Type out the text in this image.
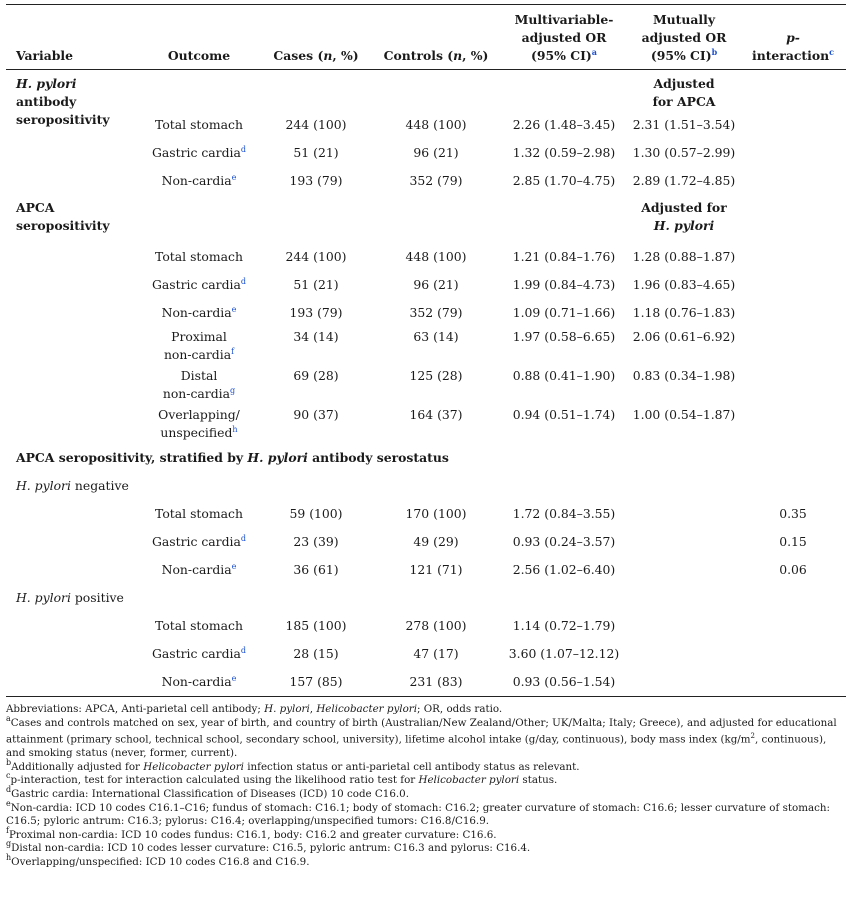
Variable	Outcome	Cases (n, %)	Controls (n, %)	Multivariable-
adjusted OR
(95% CI)$^a$	Mutually
adjusted OR
(95% CI)$^b$	p-
interaction$^c$

H. pylori
antibody seropositivity					Adjusted
for APCA	
	Total stomach	244 (100)	448 (100)	2.26 (1.48–3.45)	2.31 (1.51–3.54)	
	Gastric cardia$^d$	51 (21)	96 (21)	1.32 (0.59–2.98)	1.30 (0.57–2.99)	
	Non-cardia$^e$	193 (79)	352 (79)	2.85 (1.70–4.75)	2.89 (1.72–4.85)	
APCA seropositivity					Adjusted for
H. pylori	
	Total stomach	244 (100)	448 (100)	1.21 (0.84–1.76)	1.28 (0.88–1.87)	
	Gastric cardia$^d$	51 (21)	96 (21)	1.99 (0.84–4.73)	1.96 (0.83–4.65)	
	Non-cardia$^e$	193 (79)	352 (79)	1.09 (0.71–1.66)	1.18 (0.76–1.83)	
	Proximal
non-cardia$^f$	34 (14)	63 (14)	1.97 (0.58–6.65)	2.06 (0.61–6.92)	
	Distal
non-cardia$^g$	69 (28)	125 (28)	0.88 (0.41–1.90)	0.83 (0.34–1.98)	
	Overlapping/
unspecified$^h$	90 (37)	164 (37)	0.94 (0.51–1.74)	1.00 (0.54–1.87)	
APCA seropositivity, stratified by H. pylori antibody serostatus						
H. pylori negative						
	Total stomach	59 (100)	170 (100)	1.72 (0.84–3.55)		0.35
	Gastric cardia$^d$	23 (39)	49 (29)	0.93 (0.24–3.57)		0.15
	Non-cardia$^e$	36 (61)	121 (71)	2.56 (1.02–6.40)		0.06
H. pylori positive						
	Total stomach	185 (100)	278 (100)	1.14 (0.72–1.79)		
	Gastric cardia$^d$	28 (15)	47 (17)	3.60 (1.07–12.12)		
	Non-cardia$^e$	157 (85)	231 (83)	0.93 (0.56–1.54)		

Abbreviations: APCA, Anti-parietal cell antibody; H. pylori, Helicobacter pylori; OR, odds ratio.

$^a$Cases and controls matched on sex, year of birth, and country of birth (Australian/New Zealand/Other; UK/Malta; Italy; Greece), and adjusted for educational attainment (primary school, technical school, secondary school, university), lifetime alcohol intake (g/day, continuous), body mass index ($kg/m^2$, continuous), and smoking status (never, former, current).

$^b$Additionally adjusted for Helicobacter pylori infection status or anti-parietal cell antibody status as relevant.

$^c$p-interaction, test for interaction calculated using the likelihood ratio test for Helicobacter pylori status.

$^d$Gastric cardia: International Classification of Diseases (ICD) 10 code C16.0.

$^e$Non-cardia: ICD 10 codes C16.1–C16; fundus of stomach: C16.1; body of stomach: C16.2; greater curvature of stomach: C16.6; lesser curvature of stomach: C16.5; pyloric antrum: C16.3; pylorus: C16.4; overlapping/unspecified tumors: C16.8/C16.9.

$^f$Proximal non-cardia: ICD 10 codes fundus: C16.1, body: C16.2 and greater curvature: C16.6.

$^g$Distal non-cardia: ICD 10 codes lesser curvature: C16.5, pyloric antrum: C16.3 and pylorus: C16.4.

$^h$Overlapping/unspecified: ICD 10 codes C16.8 and C16.9.
